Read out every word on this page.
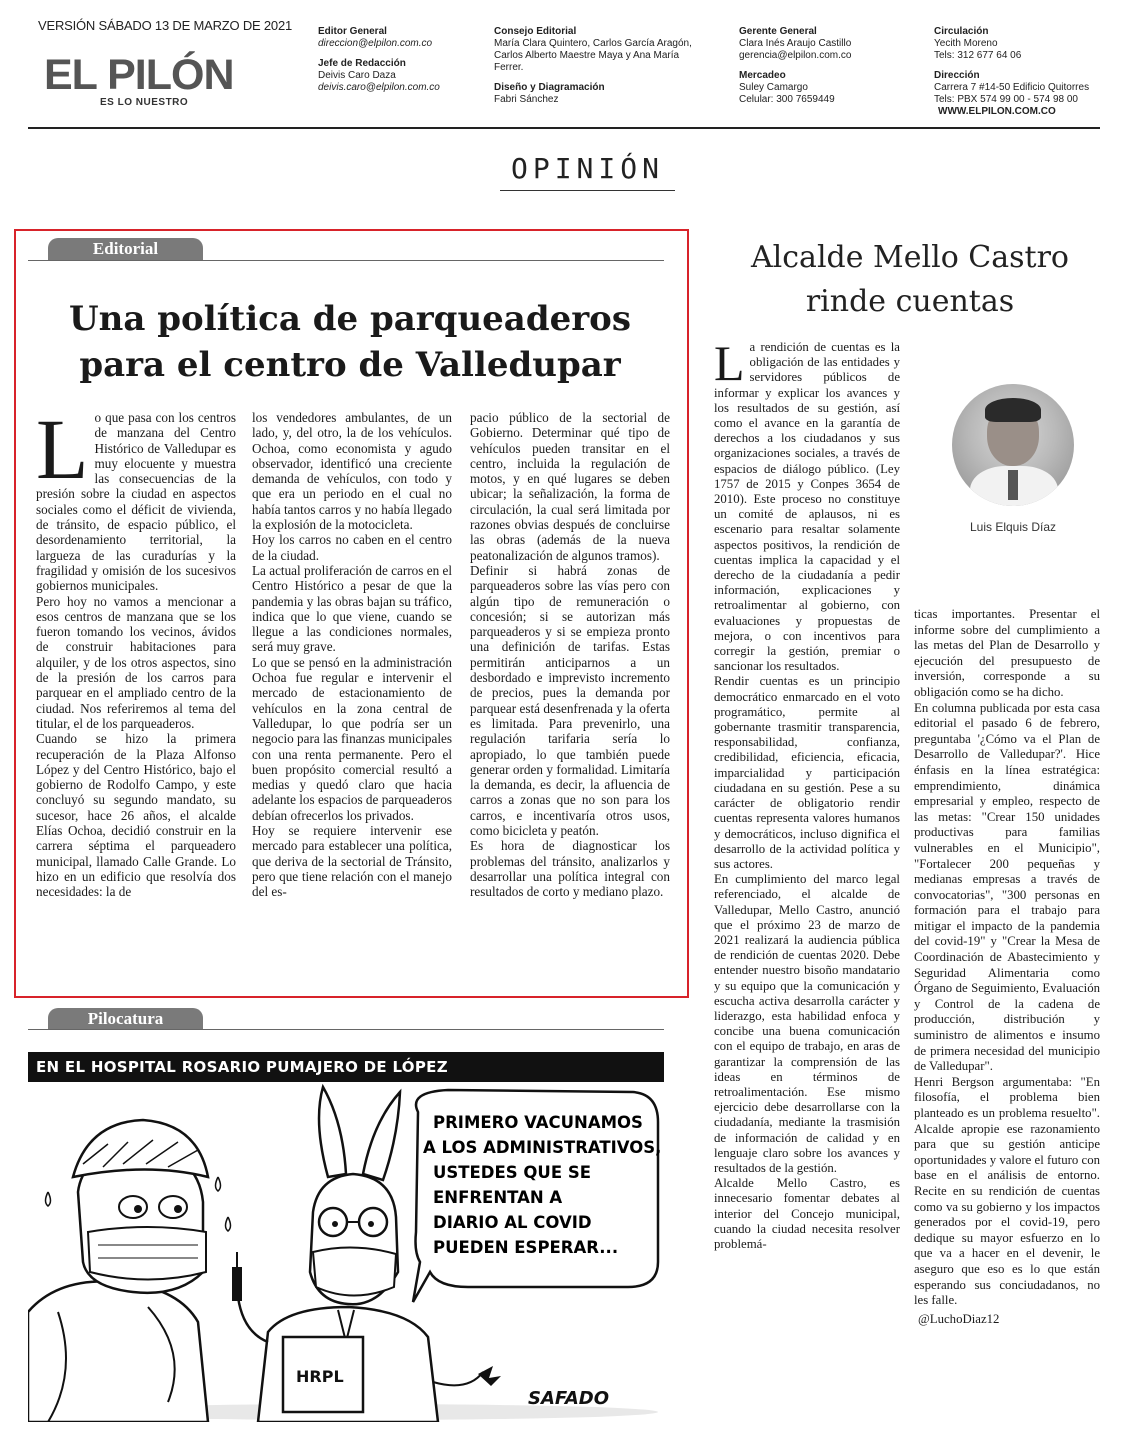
VERSIÓN SÁBADO 13 DE MARZO DE 2021
EL PILÓN
ES LO NUESTRO
Editor General
direccion@elpilon.com.co
Jefe de Redacción
Deivis Caro Daza
deivis.caro@elpilon.com.co
Consejo Editorial
María Clara Quintero, Carlos García Aragón,
Carlos Alberto Maestre Maya y Ana María
Ferrer.
Diseño y Diagramación
Fabri Sánchez
Gerente General
Clara Inés Araujo Castillo
gerencia@elpilon.com.co
Mercadeo
Suley Camargo
Celular: 300 7659449
Circulación
Yecith Moreno
Tels: 312 677 64 06
Dirección
Carrera 7 #14-50 Edificio Quitorres
Tels: PBX 574 99 00 - 574 98 00
WWW.ELPILON.COM.CO
OPINIÓN
Editorial
Una política de parqueaderos
para el centro de Valledupar
L o que pasa con los centros de manzana del Centro Histórico de Valledupar es muy elocuente y muestra las consecuencias de la presión sobre la ciudad en aspectos sociales como el déficit de vivienda, de tránsito, de espacio público, el desordenamiento territorial, la largueza de las curadurías y la fragilidad y omisión de los sucesivos gobiernos municipales.

Pero hoy no vamos a mencionar a esos centros de manzana que se los fueron tomando los vecinos, ávidos de construir habitaciones para alquiler, y de los otros aspectos, sino de la presión de los carros para parquear en el ampliado centro de la ciudad. Nos referiremos al tema del titular, el de los parqueaderos.

Cuando se hizo la primera recuperación de la Plaza Alfonso López y del Centro Histórico, bajo el gobierno de Rodolfo Campo, y este concluyó su segundo mandato, su sucesor, hace 26 años, el alcalde Elías Ochoa, decidió construir en la carrera séptima el parqueadero municipal, llamado Calle Grande. Lo hizo en un edificio que resolvía dos necesidades: la de

los vendedores ambulantes, de un lado, y, del otro, la de los vehículos. Ochoa, como economista y agudo observador, identificó una creciente demanda de vehículos, con todo y que era un periodo en el cual no había tantos carros y no había llegado la explosión de la motocicleta.

Hoy los carros no caben en el centro de la ciudad.

La actual proliferación de carros en el Centro Histórico a pesar de que la pandemia y las obras bajan su tráfico, indica que lo que viene, cuando se llegue a las condiciones normales, será muy grave.

Lo que se pensó en la administración Ochoa fue regular e intervenir el mercado de estacionamiento de vehículos en la zona central de Valledupar, lo que podría ser un negocio para las finanzas municipales con una renta permanente. Pero el buen propósito comercial resultó a medias y quedó claro que hacia adelante los espacios de parqueaderos debían ofrecerlos los privados.

Hoy se requiere intervenir ese mercado para establecer una política, que deriva de la sectorial de Tránsito, pero que tiene relación con el manejo del es-

pacio público de la sectorial de Gobierno. Determinar qué tipo de vehículos pueden transitar en el centro, incluida la regulación de motos, y en qué lugares se deben ubicar; la señalización, la forma de circulación, la cual será limitada por razones obvias después de concluirse las obras (además de la nueva peatonalización de algunos tramos).

Definir si habrá zonas de parqueaderos sobre las vías pero con algún tipo de remuneración o concesión; si se autorizan más parqueaderos y si se empieza pronto una definición de tarifas. Estas permitirán anticiparnos a un desbordado e imprevisto incremento de precios, pues la demanda por parquear está desenfrenada y la oferta es limitada. Para prevenirlo, una regulación tarifaria sería lo apropiado, lo que también puede generar orden y formalidad. Limitaría la demanda, es decir, la afluencia de carros a zonas que no son para los carros, e incentivaría otros usos, como bicicleta y peatón.

Es hora de diagnosticar los problemas del tránsito, analizarlos y desarrollar una política integral con resultados de corto y mediano plazo.

Alcalde Mello Castro
rinde cuentas
L a rendición de cuentas es la obligación de las entidades y servidores públicos de informar y explicar los avances y los resultados de su gestión, así como el avance en la garantía de derechos a los ciudadanos y sus organizaciones sociales, a través de espacios de diálogo público. (Ley 1757 de 2015 y Conpes 3654 de 2010). Este proceso no constituye un comité de aplausos, ni es escenario para resaltar solamente aspectos positivos, la rendición de cuentas implica la capacidad y el derecho de la ciudadanía a pedir información, explicaciones y retroalimentar al gobierno, con evaluaciones y propuestas de mejora, o con incentivos para corregir la gestión, premiar o sancionar los resultados.

Rendir cuentas es un principio democrático enmarcado en el voto programático, permite al gobernante trasmitir transparencia, responsabilidad, confianza, credibilidad, eficiencia, eficacia, imparcialidad y participación ciudadana en su gestión. Pese a su carácter de obligatorio rendir cuentas representa valores humanos y democráticos, incluso dignifica el desarrollo de la actividad política y sus actores.

En cumplimiento del marco legal referenciado, el alcalde de Valledupar, Mello Castro, anunció que el próximo 23 de marzo de 2021 realizará la audiencia pública de rendición de cuentas 2020. Debe entender nuestro bisoño mandatario y su equipo que la comunicación y escucha activa desarrolla carácter y liderazgo, esta habilidad enfoca y concibe una buena comunicación con el equipo de trabajo, en aras de garantizar la comprensión de las ideas en términos de retroalimentación. Ese mismo ejercicio debe desarrollarse con la ciudadanía, mediante la trasmisión de información de calidad y en lenguaje claro sobre los avances y resultados de la gestión.

Alcalde Mello Castro, es innecesario fomentar debates al interior del Concejo municipal, cuando la ciudad necesita resolver problemá-

Luis Elquis Díaz

ticas importantes. Presentar el informe sobre del cumplimiento a las metas del Plan de Desarrollo y ejecución del presupuesto de inversión, corresponde a su obligación como se ha dicho.

En columna publicada por esta casa editorial el pasado 6 de febrero, preguntaba '¿Cómo va el Plan de Desarrollo de Valledupar?'. Hice énfasis en la línea estratégica: emprendimiento, dinámica empresarial y empleo, respecto de las metas: "Crear 150 unidades productivas para familias vulnerables en el Municipio", "Fortalecer 200 pequeñas y medianas empresas a través de convocatorias", "300 personas en formación para el trabajo para mitigar el impacto de la pandemia del covid-19" y "Crear la Mesa de Coordinación de Abastecimiento y Seguridad Alimentaria como Órgano de Seguimiento, Evaluación y Control de la cadena de producción, distribución y suministro de alimentos e insumo de primera necesidad del municipio de Valledupar".

Henri Bergson argumentaba: "En filosofía, el problema bien planteado es un problema resuelto". Alcalde apropie ese razonamiento para que su gestión anticipe oportunidades y valore el futuro con base en el análisis de entorno. Recite en su rendición de cuentas como va su gobierno y los impactos generados por el covid-19, pero dedique su mayor esfuerzo en lo que va a hacer en el devenir, le aseguro que eso es lo que están esperando sus conciudadanos, no les falle.

@LuchoDiaz12

Pilocatura
EN EL HOSPITAL ROSARIO PUMAJERO DE LÓPEZ
HRPL
PRIMERO VACUNAMOS
A LOS ADMINISTRATIVOS,
USTEDES QUE SE
ENFRENTAN A
DIARIO AL COVID
PUEDEN ESPERAR...
SAFADO
